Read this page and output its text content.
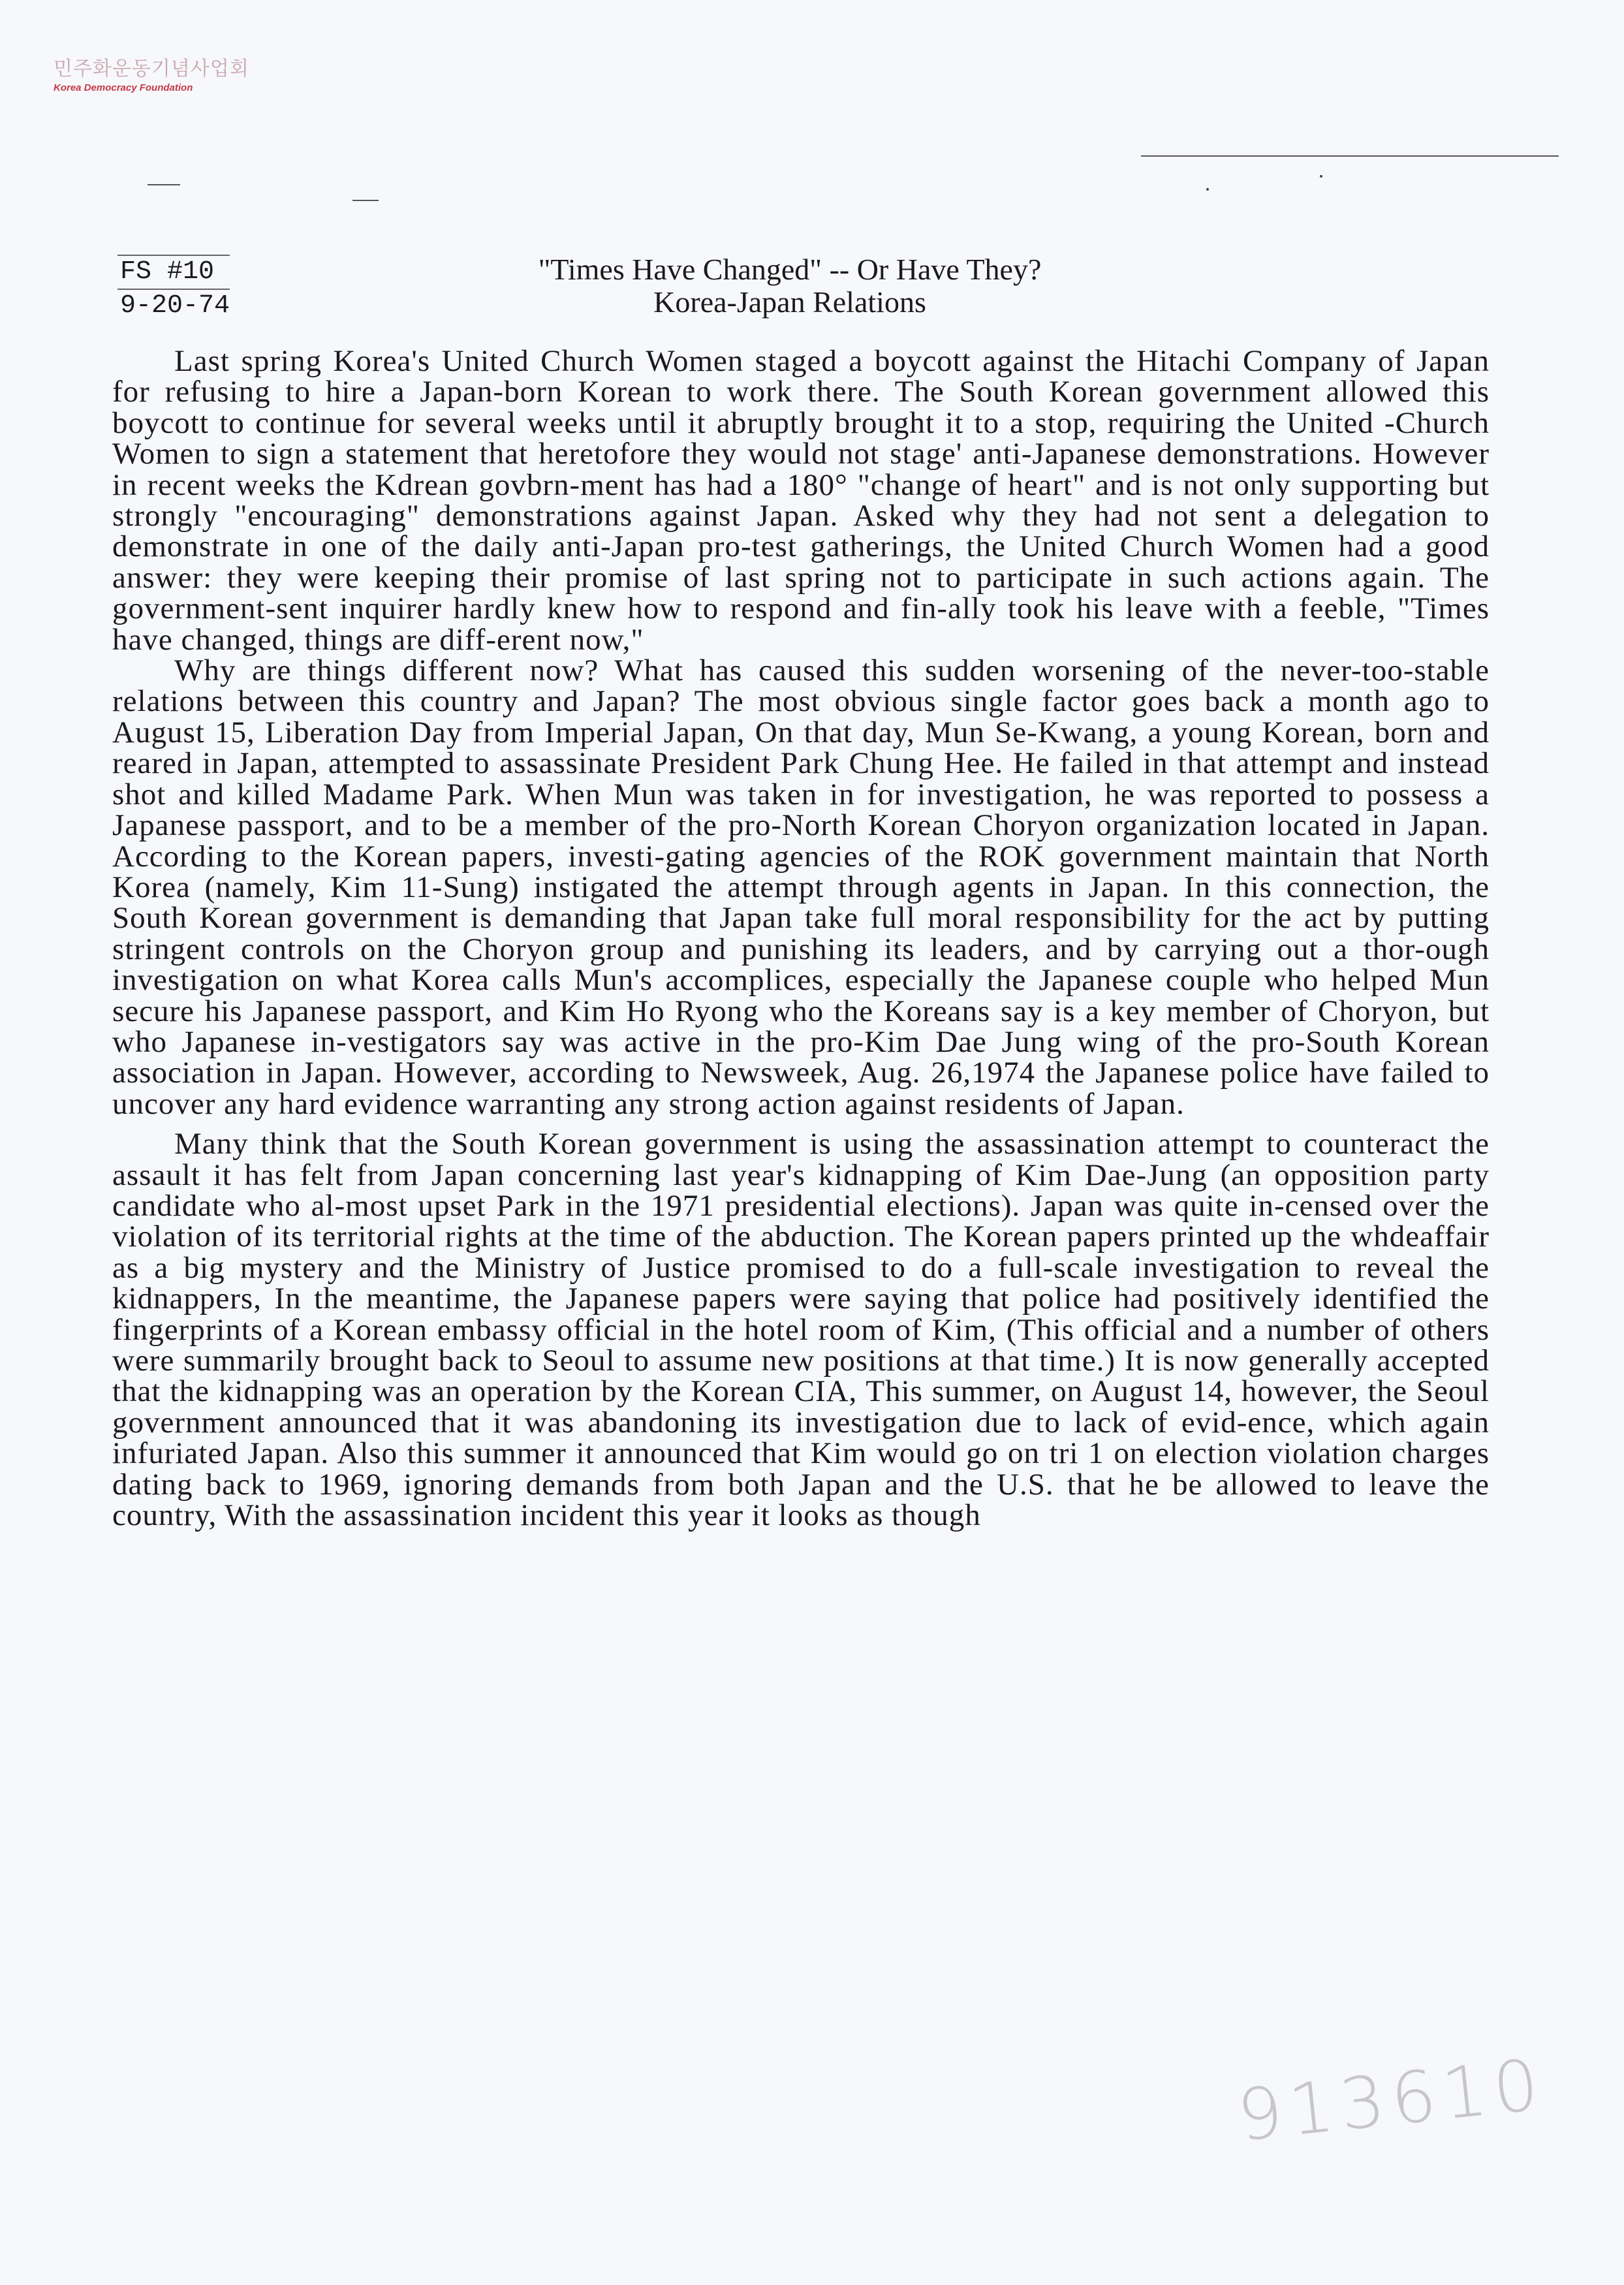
민주화운동기념사업회
Korea Democracy Foundation
FS #10
9-20-74
"Times Have Changed" -- Or Have They?
Korea-Japan Relations

Last spring Korea's United Church Women staged a boycott against the Hitachi Company of Japan for refusing to hire a Japan-born Korean to work there. The South Korean government allowed this boycott to continue for several weeks until it abruptly brought it to a stop, requiring the United -Church Women to sign a statement that heretofore they would not stage' anti-Japanese demonstrations. However in recent weeks the Kdrean govbrn-ment has had a 180° "change of heart" and is not only supporting but strongly "encouraging" demonstrations against Japan. Asked why they had not sent a delegation to demonstrate in one of the daily anti-Japan pro-test gatherings, the United Church Women had a good answer: they were keeping their promise of last spring not to participate in such actions again. The government-sent inquirer hardly knew how to respond and fin-ally took his leave with a feeble, "Times have changed, things are diff-erent now,"

Why are things different now? What has caused this sudden worsening of the never-too-stable relations between this country and Japan? The most obvious single factor goes back a month ago to August 15, Liberation Day from Imperial Japan, On that day, Mun Se-Kwang, a young Korean, born and reared in Japan, attempted to assassinate President Park Chung Hee. He failed in that attempt and instead shot and killed Madame Park. When Mun was taken in for investigation, he was reported to possess a Japanese passport, and to be a member of the pro-North Korean Choryon organization located in Japan. According to the Korean papers, investi-gating agencies of the ROK government maintain that North Korea (namely, Kim 11-Sung) instigated the attempt through agents in Japan. In this connection, the South Korean government is demanding that Japan take full moral responsibility for the act by putting stringent controls on the Choryon group and punishing its leaders, and by carrying out a thor-ough investigation on what Korea calls Mun's accomplices, especially the Japanese couple who helped Mun secure his Japanese passport, and Kim Ho Ryong who the Koreans say is a key member of Choryon, but who Japanese in-vestigators say was active in the pro-Kim Dae Jung wing of the pro-South Korean association in Japan. However, according to Newsweek, Aug. 26,1974 the Japanese police have failed to uncover any hard evidence warranting any strong action against residents of Japan.

Many think that the South Korean government is using the assassination attempt to counteract the assault it has felt from Japan concerning last year's kidnapping of Kim Dae-Jung (an opposition party candidate who al-most upset Park in the 1971 presidential elections). Japan was quite in-censed over the violation of its territorial rights at the time of the abduction. The Korean papers printed up the whdeaffair as a big mystery and the Ministry of Justice promised to do a full-scale investigation to reveal the kidnappers, In the meantime, the Japanese papers were saying that police had positively identified the fingerprints of a Korean embassy official in the hotel room of Kim, (This official and a number of others were summarily brought back to Seoul to assume new positions at that time.) It is now generally accepted that the kidnapping was an operation by the Korean CIA, This summer, on August 14, however, the Seoul government announced that it was abandoning its investigation due to lack of evid-ence, which again infuriated Japan. Also this summer it announced that Kim would go on tri 1 on election violation charges dating back to 1969, ignoring demands from both Japan and the U.S. that he be allowed to leave the country, With the assassination incident this year it looks as though

913610
